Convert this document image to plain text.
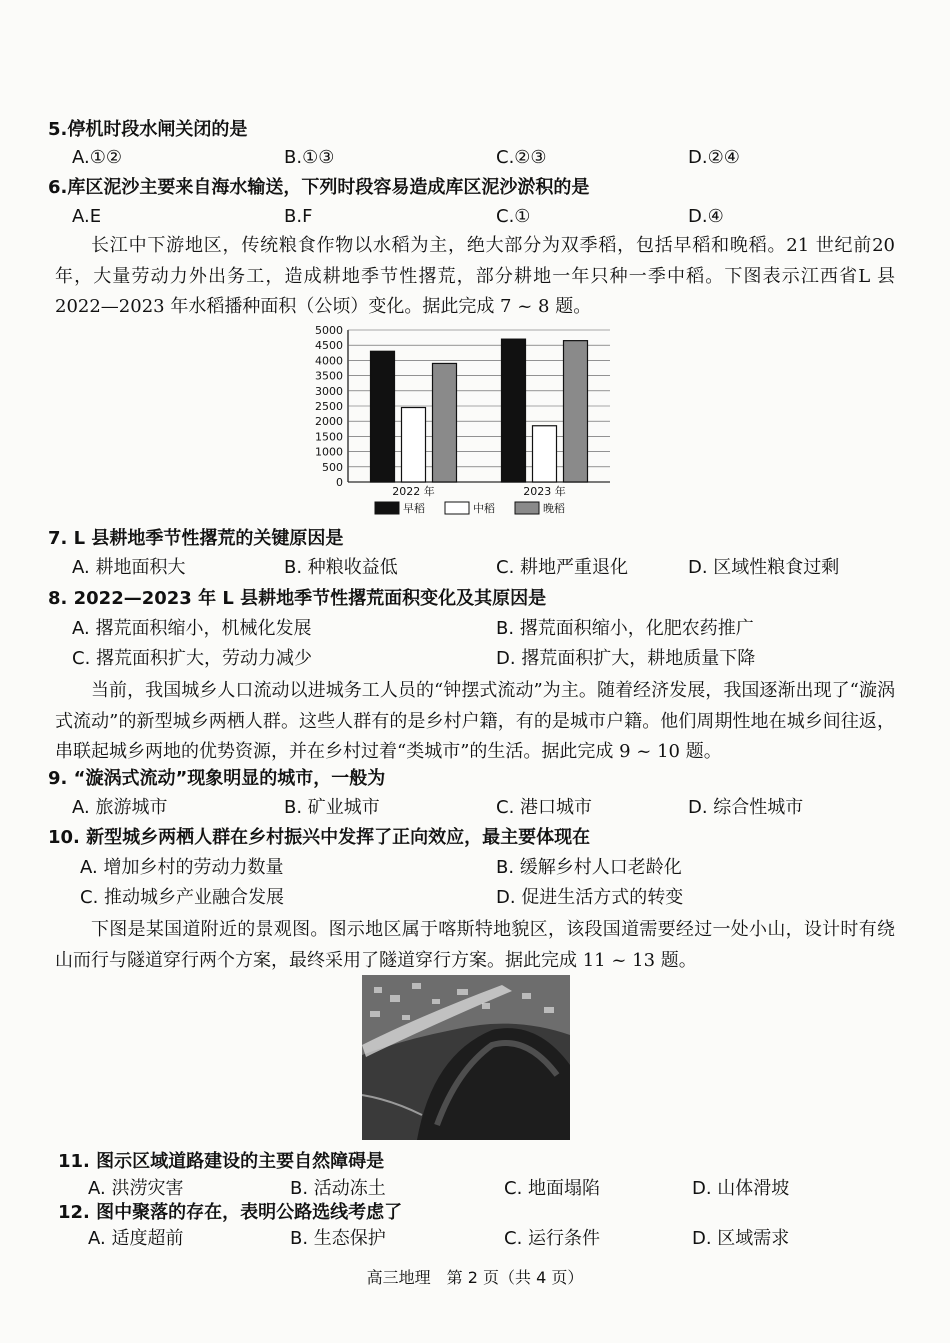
5.停机时段水闸关闭的是
A.①②	B.①③	C.②③	D.②④
6.库区泥沙主要来自海水输送，下列时段容易造成库区泥沙淤积的是
A.E	B.F	C.①	D.④
长江中下游地区，传统粮食作物以水稻为主，绝大部分为双季稻，包括早稻和晚稻。21 世纪前20 年，大量劳动力外出务工，造成耕地季节性撂荒，部分耕地一年只种一季中稻。下图表示江西省L 县 2022—2023 年水稻播种面积（公顷）变化。据此完成 7 ~ 8 题。
5000
4500
4000
3500
3000
2500
2000
1500
1000
500
0
2022 年	2023 年
早稻	中稻	晚稻
7. L 县耕地季节性撂荒的关键原因是
A. 耕地面积大	B. 种粮收益低	C. 耕地严重退化	D. 区域性粮食过剩
8. 2022—2023 年 L 县耕地季节性撂荒面积变化及其原因是
A. 撂荒面积缩小，机械化发展	B. 撂荒面积缩小，化肥农药推广
C. 撂荒面积扩大，劳动力减少	D. 撂荒面积扩大，耕地质量下降
当前，我国城乡人口流动以进城务工人员的“钟摆式流动”为主。随着经济发展，我国逐渐出现了“漩涡式流动”的新型城乡两栖人群。这些人群有的是乡村户籍，有的是城市户籍。他们周期性地在城乡间往返，串联起城乡两地的优势资源，并在乡村过着“类城市”的生活。据此完成 9 ~ 10 题。
9. “漩涡式流动”现象明显的城市，一般为
A. 旅游城市	B. 矿业城市	C. 港口城市	D. 综合性城市
10. 新型城乡两栖人群在乡村振兴中发挥了正向效应，最主要体现在
A. 增加乡村的劳动力数量	B. 缓解乡村人口老龄化
C. 推动城乡产业融合发展	D. 促进生活方式的转变
下图是某国道附近的景观图。图示地区属于喀斯特地貌区，该段国道需要经过一处小山，设计时有绕山而行与隧道穿行两个方案，最终采用了隧道穿行方案。据此完成 11 ~ 13 题。
11. 图示区域道路建设的主要自然障碍是
A. 洪涝灾害	B. 活动冻土	C. 地面塌陷	D. 山体滑坡
12. 图中聚落的存在，表明公路选线考虑了
A. 适度超前	B. 生态保护	C. 运行条件	D. 区域需求
高三地理　第 2 页（共 4 页）
